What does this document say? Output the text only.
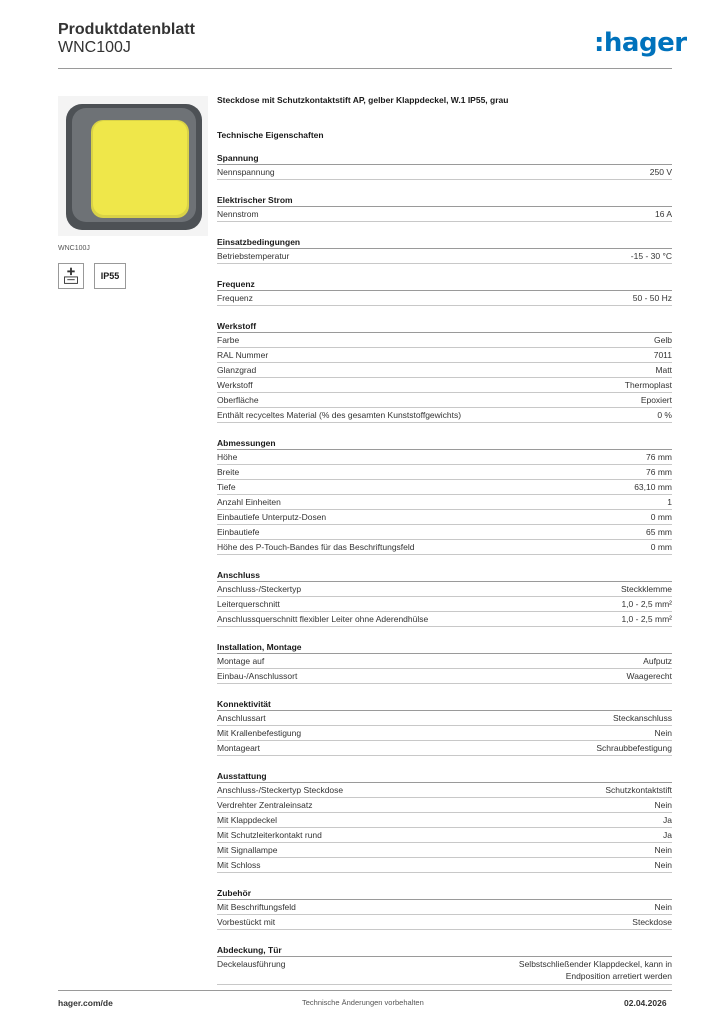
Produktdatenblatt
WNC100J	:hager
WNC100J
IP55
Steckdose mit Schutzkontaktstift AP, gelber Klappdeckel, W.1 IP55, grau
Technische Eigenschaften
Spannung
Nennspannung	250 V
Elektrischer Strom
Nennstrom	16 A
Einsatzbedingungen
Betriebstemperatur	-15 - 30 °C
Frequenz
Frequenz	50 - 50 Hz
Werkstoff
Farbe	Gelb
RAL Nummer	7011
Glanzgrad	Matt
Werkstoff	Thermoplast
Oberfläche	Epoxiert
Enthält recyceltes Material (% des gesamten Kunststoffgewichts)	0 %
Abmessungen
Höhe	76 mm
Breite	76 mm
Tiefe	63,10 mm
Anzahl Einheiten	1
Einbautiefe Unterputz-Dosen	0 mm
Einbautiefe	65 mm
Höhe des P-Touch-Bandes für das Beschriftungsfeld	0 mm
Anschluss
Anschluss-/Steckertyp	Steckklemme
Leiterquerschnitt	1,0 - 2,5 mm²
Anschlussquerschnitt flexibler Leiter ohne Aderendhülse	1,0 - 2,5 mm²
Installation, Montage
Montage auf	Aufputz
Einbau-/Anschlussort	Waagerecht
Konnektivität
Anschlussart	Steckanschluss
Mit Krallenbefestigung	Nein
Montageart	Schraubbefestigung
Ausstattung
Anschluss-/Steckertyp Steckdose	Schutzkontaktstift
Verdrehter Zentraleinsatz	Nein
Mit Klappdeckel	Ja
Mit Schutzleiterkontakt rund	Ja
Mit Signallampe	Nein
Mit Schloss	Nein
Zubehör
Mit Beschriftungsfeld	Nein
Vorbestückt mit	Steckdose
Abdeckung, Tür
Deckelausführung	Selbstschließender Klappdeckel, kann in Endposition arretiert werden
hager.com/de	Technische Änderungen vorbehalten	02.04.2026
